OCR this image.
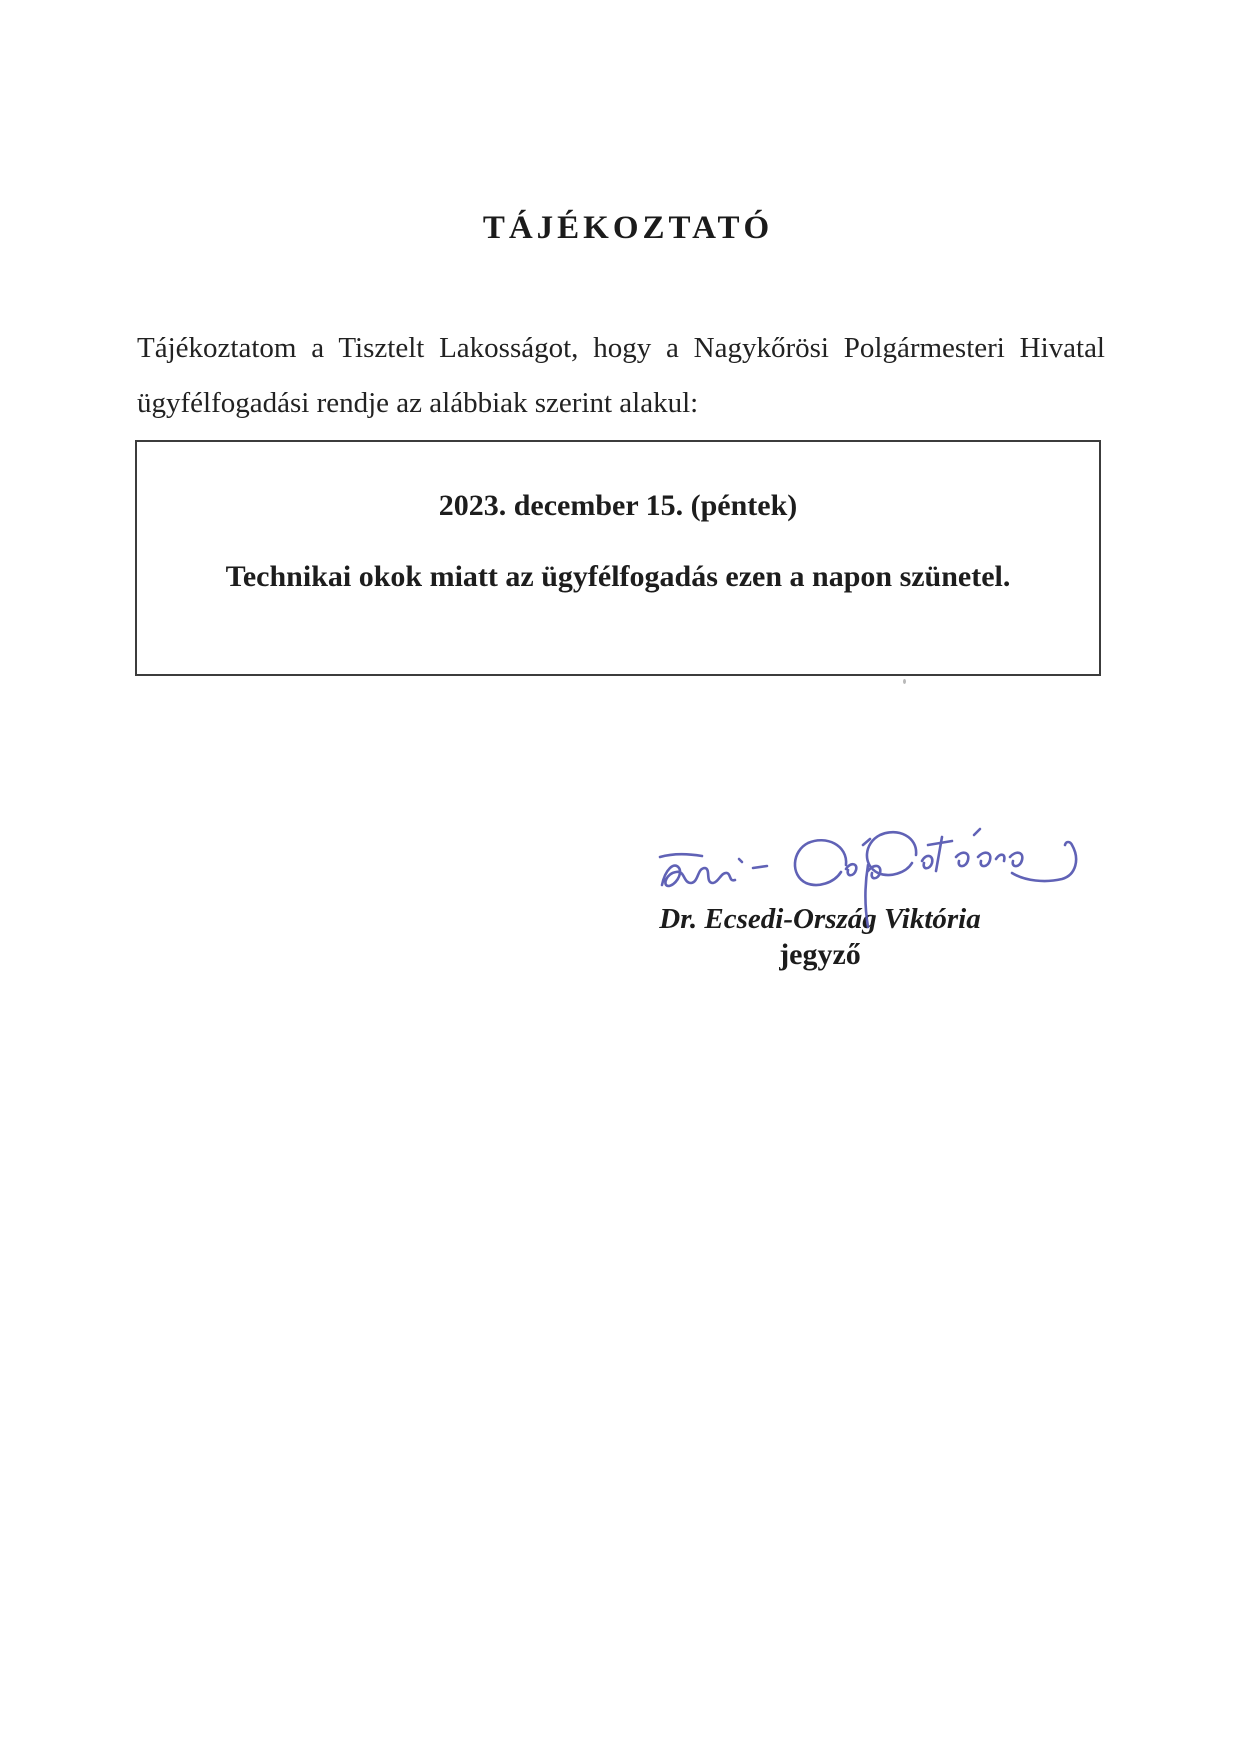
TÁJÉKOZTATÓ

Tájékoztatom a Tisztelt Lakosságot, hogy a Nagykőrösi Polgármesteri Hivatal
ügyfélfogadási rendje az alábbiak szerint alakul:

2023. december 15. (péntek)

Technikai okok miatt az ügyfélfogadás ezen a napon szünetel.

Dr. Ecsedi-Ország Viktória
jegyző
